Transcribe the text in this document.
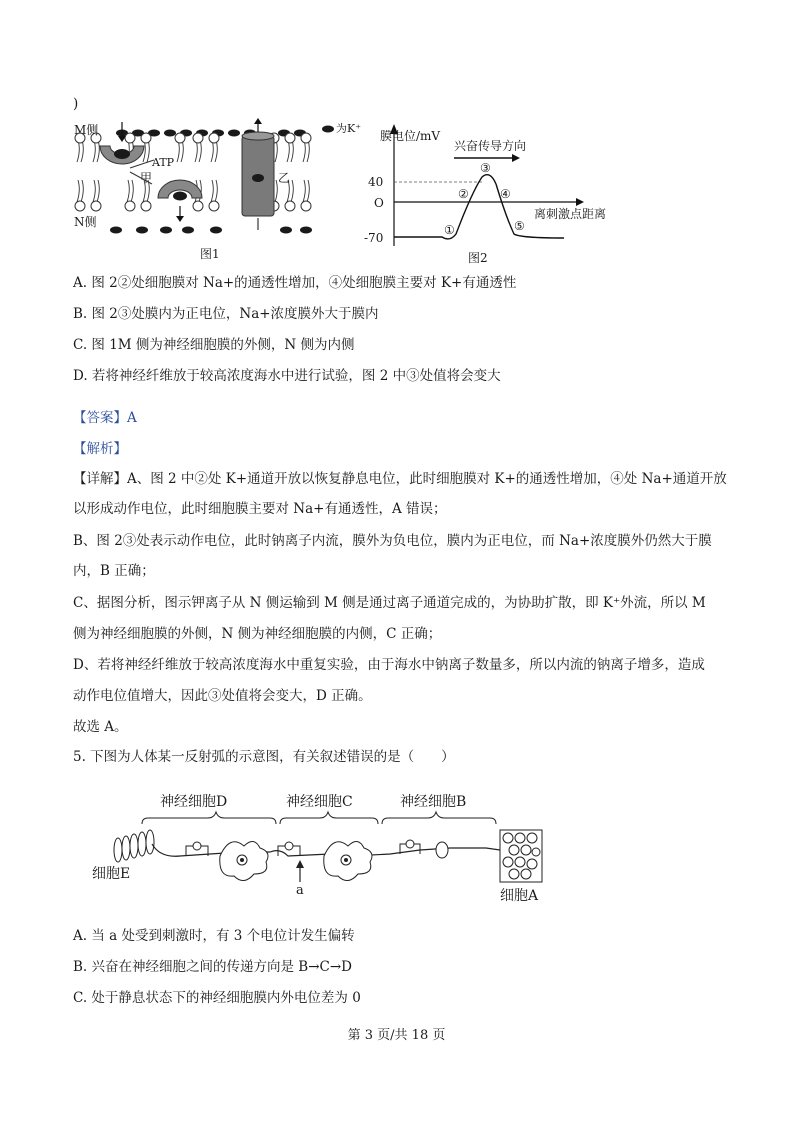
)
ATP
甲	乙
M侧
N侧
为K⁺
图1
膜电位/mV
兴奋传导方向
40
O
-70
离刺激点距离
①
②
③
④
⑤
图2
A. 图 2②处细胞膜对 Na+的通透性增加，④处细胞膜主要对 K+有通透性
B. 图 2③处膜内为正电位，Na+浓度膜外大于膜内
C. 图 1M 侧为神经细胞膜的外侧，N 侧为内侧
D. 若将神经纤维放于较高浓度海水中进行试验，图 2 中③处值将会变大
【答案】A
【解析】
【详解】A、图 2 中②处 K+通道开放以恢复静息电位，此时细胞膜对 K+的通透性增加，④处 Na+通道开放
以形成动作电位，此时细胞膜主要对 Na+有通透性，A 错误；
B、图 2③处表示动作电位，此时钠离子内流，膜外为负电位，膜内为正电位，而 Na+浓度膜外仍然大于膜
内，B 正确；
C、据图分析，图示钾离子从 N 侧运输到 M 侧是通过离子通道完成的，为协助扩散，即 K⁺外流，所以 M
侧为神经细胞膜的外侧，N 侧为神经细胞膜的内侧，C 正确；
D、若将神经纤维放于较高浓度海水中重复实验，由于海水中钠离子数量多，所以内流的钠离子增多，造成
动作电位值增大，因此③处值将会变大，D 正确。
故选 A。
5. 下图为人体某一反射弧的示意图，有关叙述错误的是（　　）
神经细胞D	神经细胞C	神经细胞B
细胞E
a	细胞A
A. 当 a 处受到刺激时，有 3 个电位计发生偏转
B. 兴奋在神经细胞之间的传递方向是 B→C→D
C. 处于静息状态下的神经细胞膜内外电位差为 0
第 3 页/共 18 页
